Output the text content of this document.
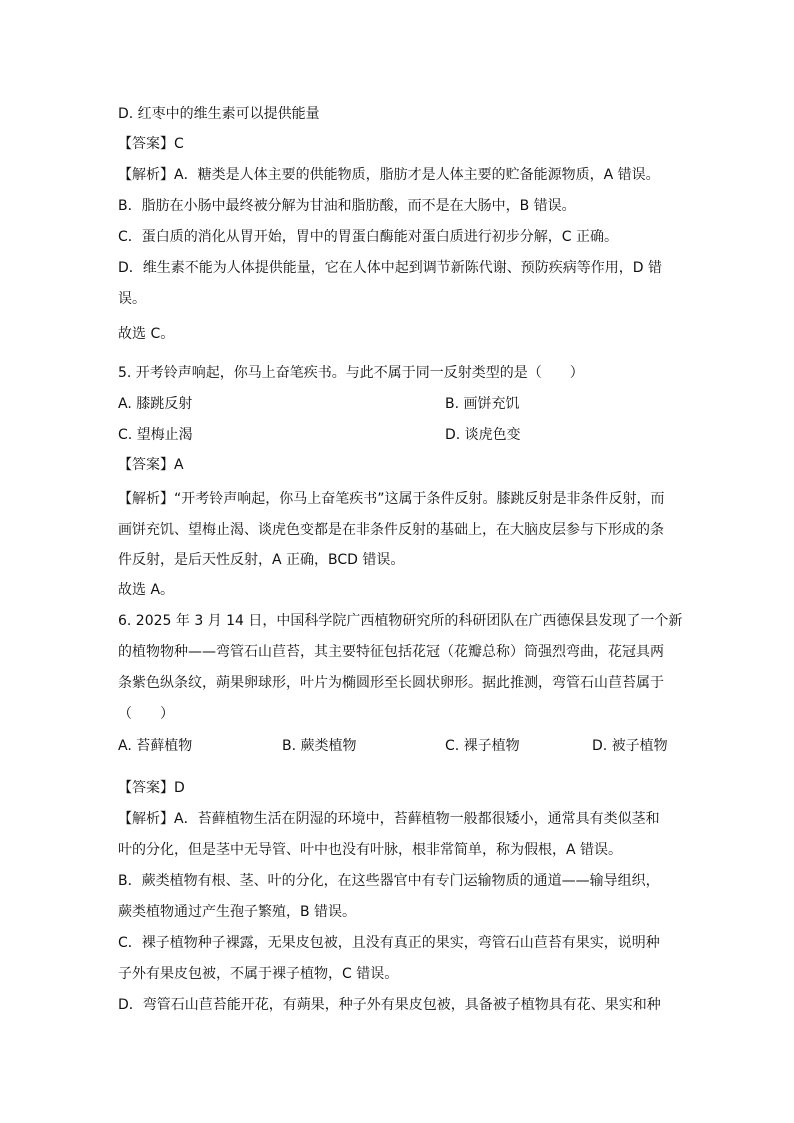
D. 红枣中的维生素可以提供能量
【答案】C
【解析】A．糖类是人体主要的供能物质，脂肪才是人体主要的贮备能源物质，A 错误。
B．脂肪在小肠中最终被分解为甘油和脂肪酸，而不是在大肠中，B 错误。
C．蛋白质的消化从胃开始，胃中的胃蛋白酶能对蛋白质进行初步分解，C 正确。
D．维生素不能为人体提供能量，它在人体中起到调节新陈代谢、预防疾病等作用，D 错
误。
故选 C。
5. 开考铃声响起，你马上奋笔疾书。与此不属于同一反射类型的是（　　）
A. 膝跳反射	B. 画饼充饥
C. 望梅止渴	D. 谈虎色变
【答案】A
【解析】“开考铃声响起，你马上奋笔疾书”这属于条件反射。膝跳反射是非条件反射，而
画饼充饥、望梅止渴、谈虎色变都是在非条件反射的基础上，在大脑皮层参与下形成的条
件反射，是后天性反射，A 正确，BCD 错误。
故选 A。
6. 2025 年 3 月 14 日，中国科学院广西植物研究所的科研团队在广西德保县发现了一个新
的植物物种——弯管石山苣苔，其主要特征包括花冠（花瓣总称）筒强烈弯曲，花冠具两
条紫色纵条纹，蒴果卵球形，叶片为椭圆形至长圆状卵形。据此推测，弯管石山苣苔属于
（　　）
A. 苔藓植物	B. 蕨类植物	C. 裸子植物	D. 被子植物
【答案】D
【解析】A．苔藓植物生活在阴湿的环境中，苔藓植物一般都很矮小，通常具有类似茎和
叶的分化，但是茎中无导管、叶中也没有叶脉，根非常简单，称为假根，A 错误。
B．蕨类植物有根、茎、叶的分化，在这些器官中有专门运输物质的通道——输导组织，
蕨类植物通过产生孢子繁殖，B 错误。
C．裸子植物种子裸露，无果皮包被，且没有真正的果实，弯管石山苣苔有果实，说明种
子外有果皮包被，不属于裸子植物，C 错误。
D．弯管石山苣苔能开花，有蒴果，种子外有果皮包被，具备被子植物具有花、果实和种
